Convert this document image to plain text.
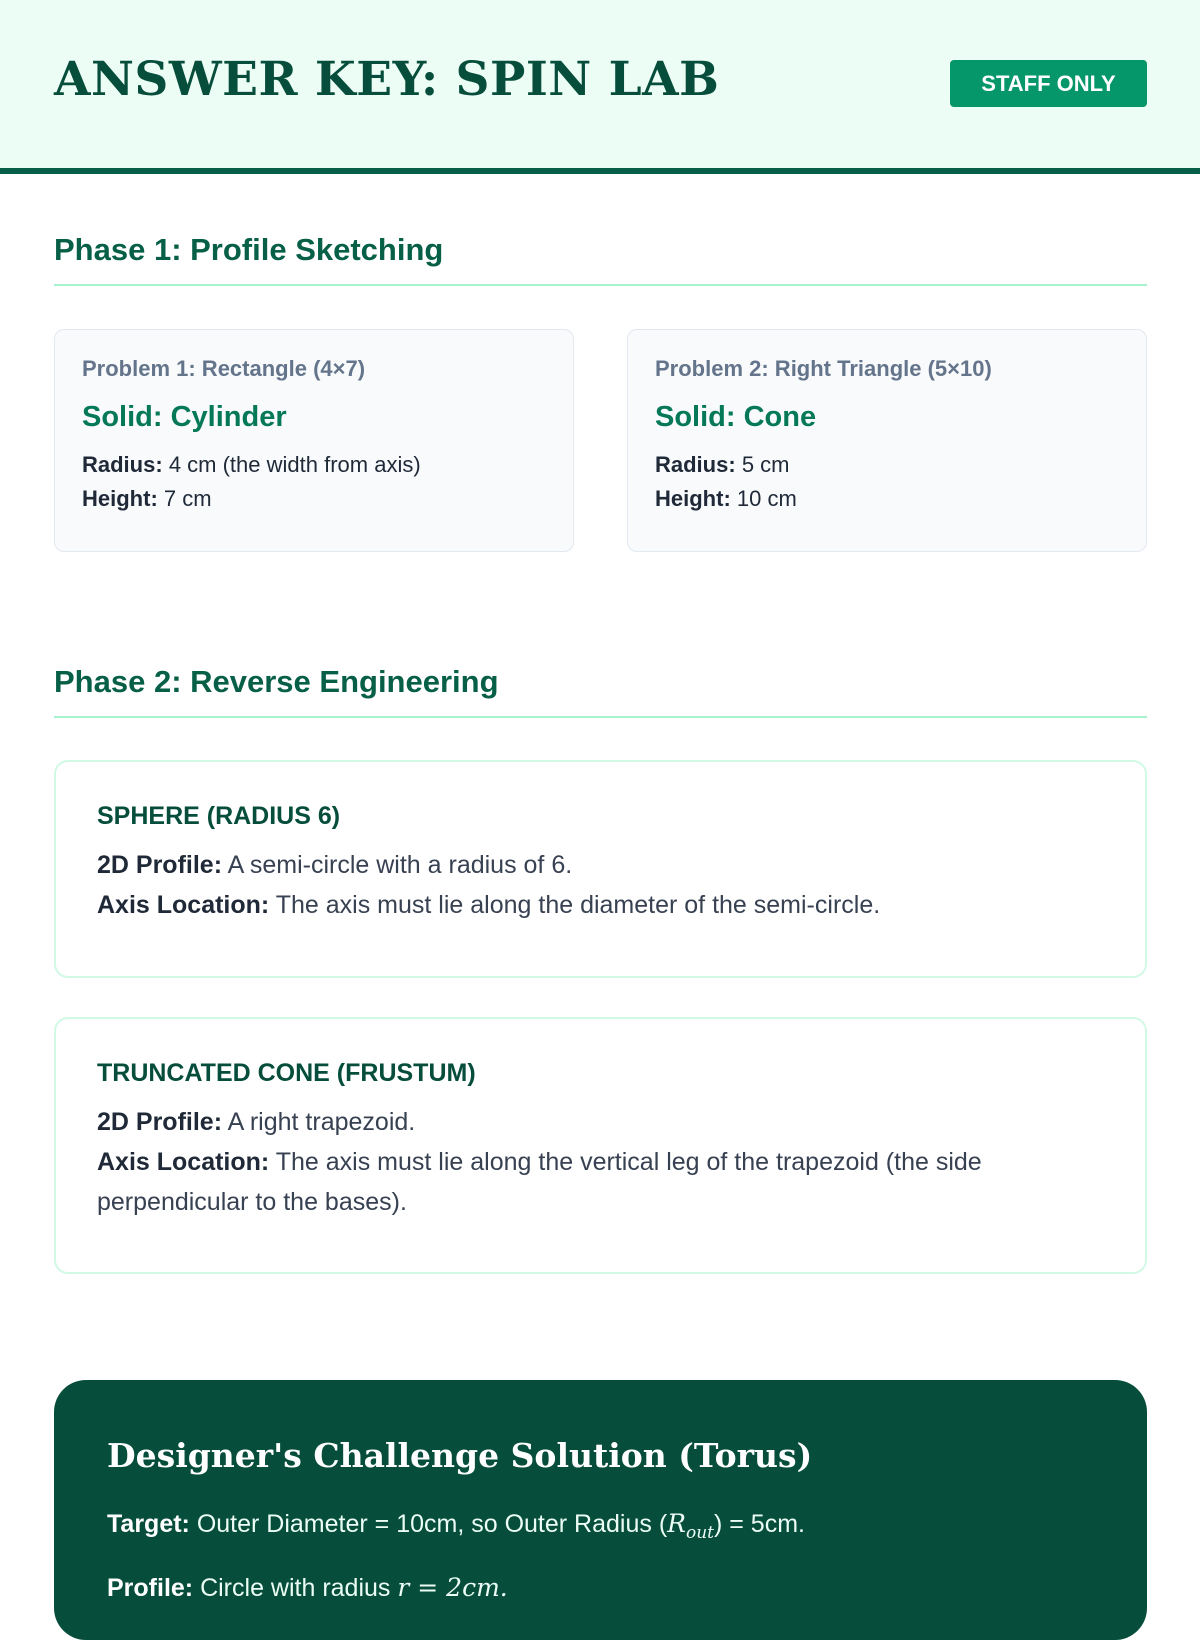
ANSWER KEY: SPIN LAB	STAFF ONLY
Phase 1: Profile Sketching
Problem 1: Rectangle (4×7)
Solid: Cylinder
Radius: 4 cm (the width from axis)
Height: 7 cm
Problem 2: Right Triangle (5×10)
Solid: Cone
Radius: 5 cm
Height: 10 cm
Phase 2: Reverse Engineering
SPHERE (RADIUS 6)
2D Profile: A semi-circle with a radius of 6.
Axis Location: The axis must lie along the diameter of the semi-circle.
TRUNCATED CONE (FRUSTUM)
2D Profile: A right trapezoid.
Axis Location: The axis must lie along the vertical leg of the trapezoid (the side perpendicular to the bases).
Designer's Challenge Solution (Torus)
Target: Outer Diameter = 10cm, so Outer Radius $(R_{out}) = 5cm$.
Profile: Circle with radius r = 2cm.
